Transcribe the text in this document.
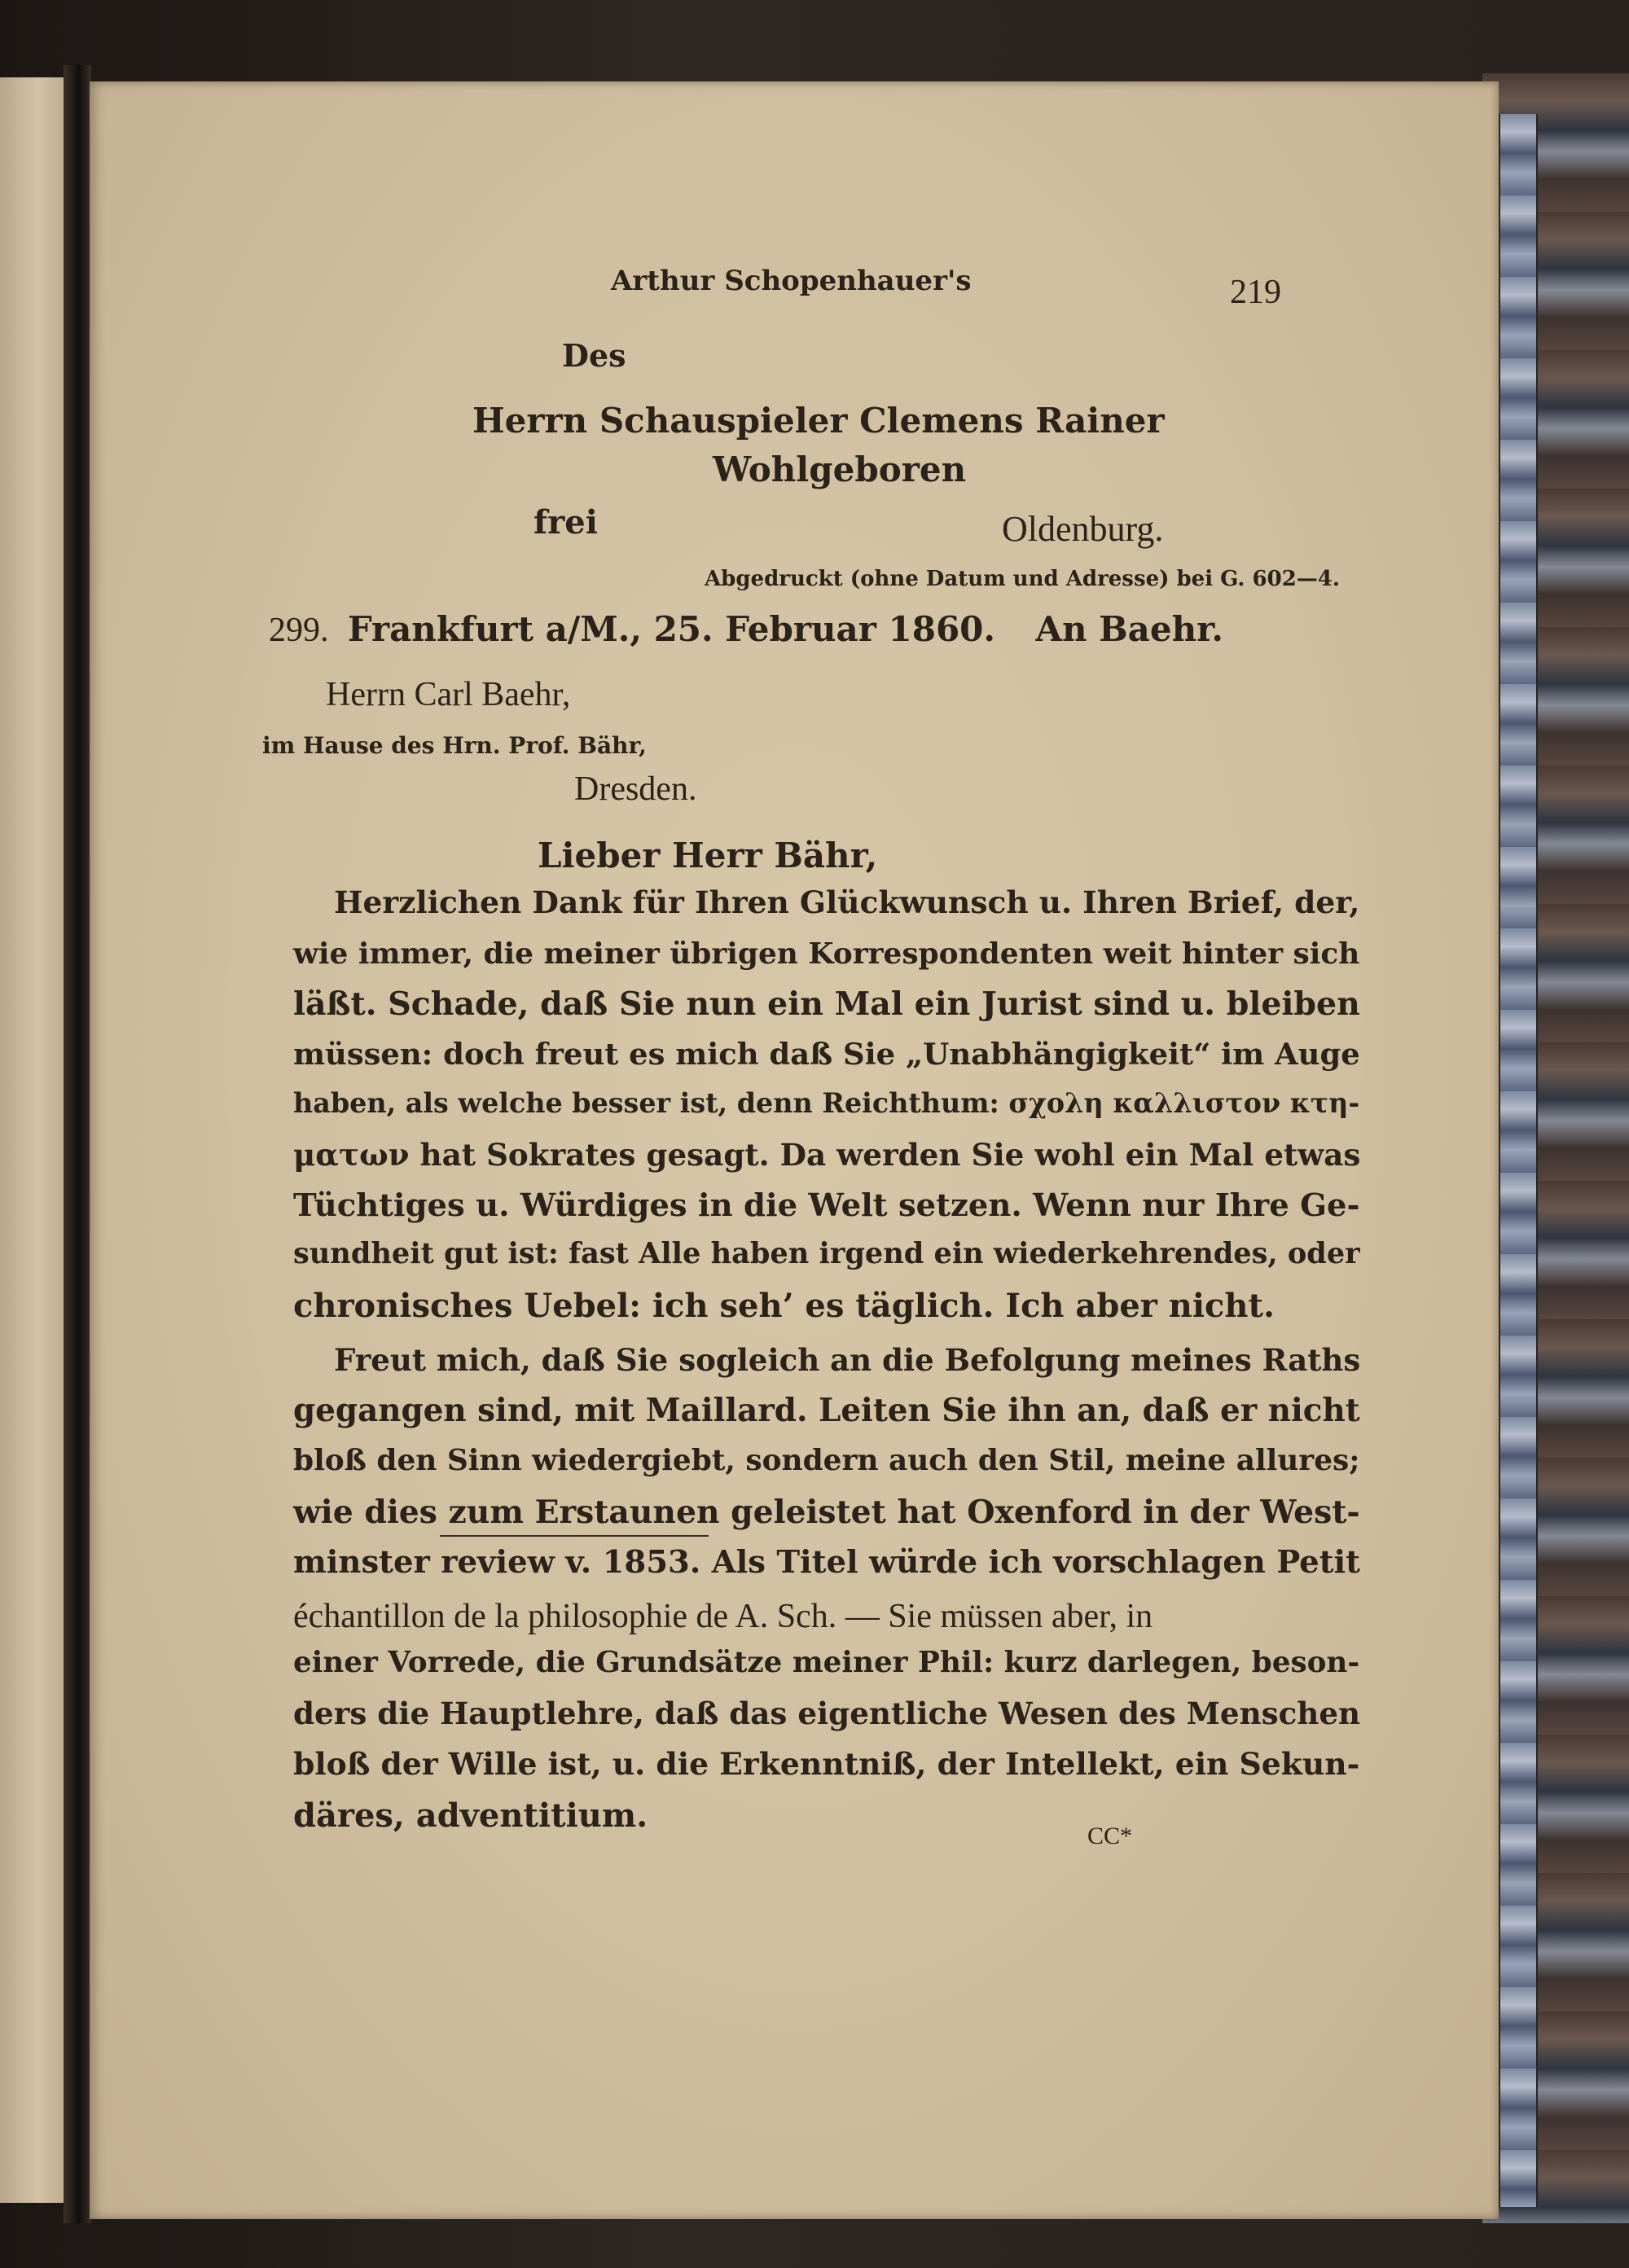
Arthur Schopenhauer's	219
Des
Herrn Schauspieler Clemens Rainer
Wohlgeboren
frei	Oldenburg.
Abgedruckt (ohne Datum und Adresse) bei G. 602—4.
299. Frankfurt a/M., 25. Februar 1860. An Baehr.
Herrn Carl Baehr,
im Hause des Hrn. Prof. Bähr,
Dresden.
Lieber Herr Bähr,
Herzlichen Dank für Ihren Glückwunsch u. Ihren Brief, der,
wie immer, die meiner übrigen Korrespondenten weit hinter sich
läßt. Schade, daß Sie nun ein Mal ein Jurist sind u. bleiben
müssen: doch freut es mich daß Sie „Unabhängigkeit“ im Auge
haben, als welche besser ist, denn Reichthum: σχολη καλλιστον κτη-
ματων hat Sokrates gesagt. Da werden Sie wohl ein Mal etwas
Tüchtiges u. Würdiges in die Welt setzen. Wenn nur Ihre Ge-
sundheit gut ist: fast Alle haben irgend ein wiederkehrendes, oder
chronisches Uebel: ich seh’ es täglich. Ich aber nicht.
Freut mich, daß Sie sogleich an die Befolgung meines Raths
gegangen sind, mit Maillard. Leiten Sie ihn an, daß er nicht
bloß den Sinn wiedergiebt, sondern auch den Stil, meine allures;
wie dies zum Erstaunen geleistet hat Oxenford in der West-
minster review v. 1853. Als Titel würde ich vorschlagen Petit
échantillon de la philosophie de A. Sch. — Sie müssen aber, in
einer Vorrede, die Grundsätze meiner Phil: kurz darlegen, beson-
ders die Hauptlehre, daß das eigentliche Wesen des Menschen
bloß der Wille ist, u. die Erkenntniß, der Intellekt, ein Sekun-
däres, adventitium.
CC*
